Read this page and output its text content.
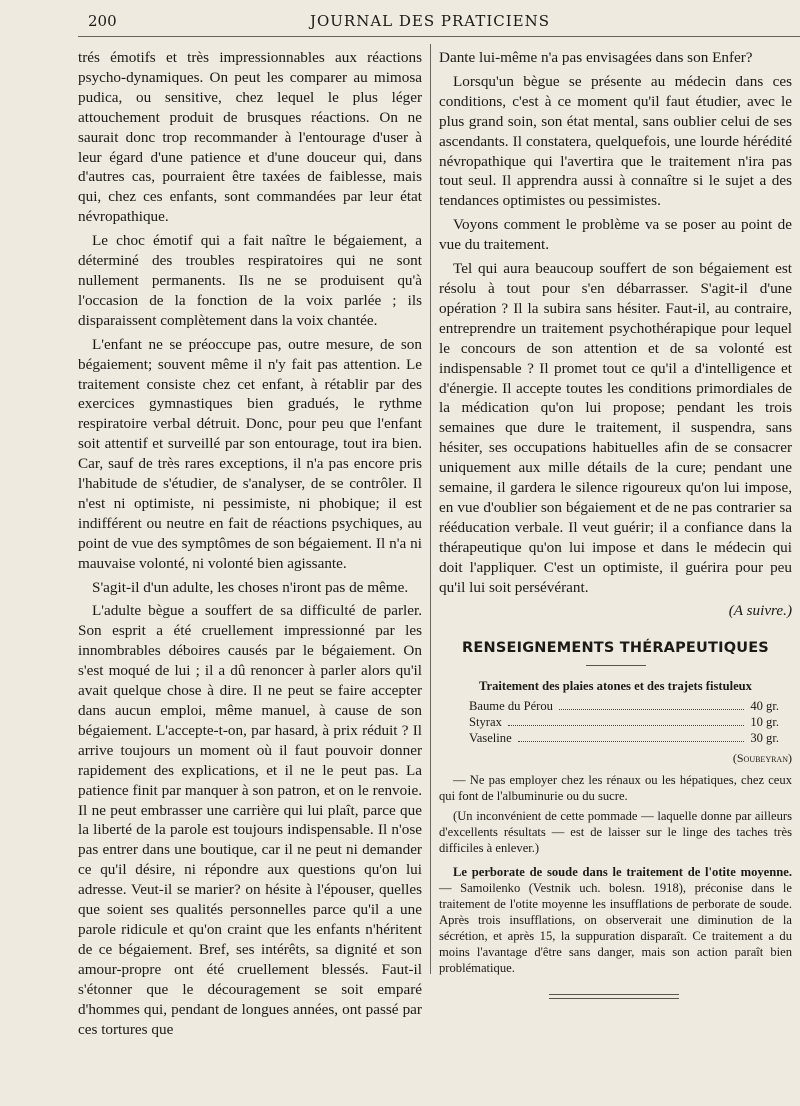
200	JOURNAL DES PRATICIENS

trés émotifs et très impressionnables aux réactions psycho-dynamiques. On peut les comparer au mimosa pudica, ou sensitive, chez lequel le plus léger attouchement produit de brusques réactions. On ne saurait donc trop recommander à l'entourage d'user à leur égard d'une patience et d'une douceur qui, dans d'autres cas, pourraient être taxées de faiblesse, mais qui, chez ces enfants, sont commandées par leur état névropathique.

Le choc émotif qui a fait naître le bégaiement, a déterminé des troubles respiratoires qui ne sont nullement permanents. Ils ne se produisent qu'à l'occasion de la fonction de la voix parlée ; ils disparaissent complètement dans la voix chantée.

L'enfant ne se préoccupe pas, outre mesure, de son bégaiement; souvent même il n'y fait pas attention. Le traitement consiste chez cet enfant, à rétablir par des exercices gymnastiques bien gradués, le rythme respiratoire verbal détruit. Donc, pour peu que l'enfant soit attentif et surveillé par son entourage, tout ira bien. Car, sauf de très rares exceptions, il n'a pas encore pris l'habitude de s'étudier, de s'analyser, de se contrôler. Il n'est ni optimiste, ni pessimiste, ni phobique; il est indifférent ou neutre en fait de réactions psychiques, au point de vue des symptômes de son bégaiement. Il n'a ni mauvaise volonté, ni volonté bien agissante.

S'agit-il d'un adulte, les choses n'iront pas de même.

L'adulte bègue a souffert de sa difficulté de parler. Son esprit a été cruellement impressionné par les innombrables déboires causés par le bégaiement. On s'est moqué de lui ; il a dû renoncer à parler alors qu'il avait quelque chose à dire. Il ne peut se faire accepter dans aucun emploi, même manuel, à cause de son bégaiement. L'accepte-t-on, par hasard, à prix réduit ? Il arrive toujours un moment où il faut pouvoir donner rapidement des explications, et il ne le peut pas. La patience finit par manquer à son patron, et on le renvoie. Il ne peut embrasser une carrière qui lui plaît, parce que la liberté de la parole est toujours indispensable. Il n'ose pas entrer dans une boutique, car il ne peut ni demander ce qu'il désire, ni répondre aux questions qu'on lui adresse. Veut-il se marier? on hésite à l'épouser, quelles que soient ses qualités personnelles parce qu'il a une parole ridicule et qu'on craint que les enfants n'héritent de ce bégaiement. Bref, ses intérêts, sa dignité et son amour-propre ont été cruellement blessés. Faut-il s'étonner que le découragement se soit emparé d'hommes qui, pendant de longues années, ont passé par ces tortures que

Dante lui-même n'a pas envisagées dans son Enfer?

Lorsqu'un bègue se présente au médecin dans ces conditions, c'est à ce moment qu'il faut étudier, avec le plus grand soin, son état mental, sans oublier celui de ses ascendants. Il constatera, quelquefois, une lourde hérédité névropathique qui l'avertira que le traitement n'ira pas tout seul. Il apprendra aussi à connaître si le sujet a des tendances optimistes ou pessimistes.

Voyons comment le problème va se poser au point de vue du traitement.

Tel qui aura beaucoup souffert de son bégaiement est résolu à tout pour s'en débarrasser. S'agit-il d'une opération ? Il la subira sans hésiter. Faut-il, au contraire, entreprendre un traitement psychothérapique pour lequel le concours de son attention et de sa volonté est indispensable ? Il promet tout ce qu'il a d'intelligence et d'énergie. Il accepte toutes les conditions primordiales de la médication qu'on lui propose; pendant les trois semaines que dure le traitement, il suspendra, sans hésiter, ses occupations habituelles afin de se consacrer uniquement aux mille détails de la cure; pendant une semaine, il gardera le silence rigoureux qu'on lui impose, en vue d'oublier son bégaiement et de ne pas contrarier sa rééducation verbale. Il veut guérir; il a confiance dans la thérapeutique qu'on lui impose et dans le médecin qui doit l'appliquer. C'est un optimiste, il guérira pour peu qu'il lui soit persévérant.

(A suivre.)

RENSEIGNEMENTS THÉRAPEUTIQUES
Traitement des plaies atones et des trajets fistuleux
Baume du Pérou	40 gr.
Styrax	10 gr.
Vaseline	30 gr.
(Soubeyran)

— Ne pas employer chez les rénaux ou les hépatiques, chez ceux qui font de l'albuminurie ou du sucre.

(Un inconvénient de cette pommade — laquelle donne par ailleurs d'excellents résultats — est de laisser sur le linge des taches très difficiles à enlever.)

Le perborate de soude dans le traitement de l'otite moyenne. — Samoilenko (Vestnik uch. bolesn. 1918), préconise dans le traitement de l'otite moyenne les insufflations de perborate de soude. Après trois insufflations, on observerait une diminution de la sécrétion, et après 15, la suppuration disparaît. Ce traitement a du moins l'avantage d'être sans danger, mais son action paraît bien problématique.
